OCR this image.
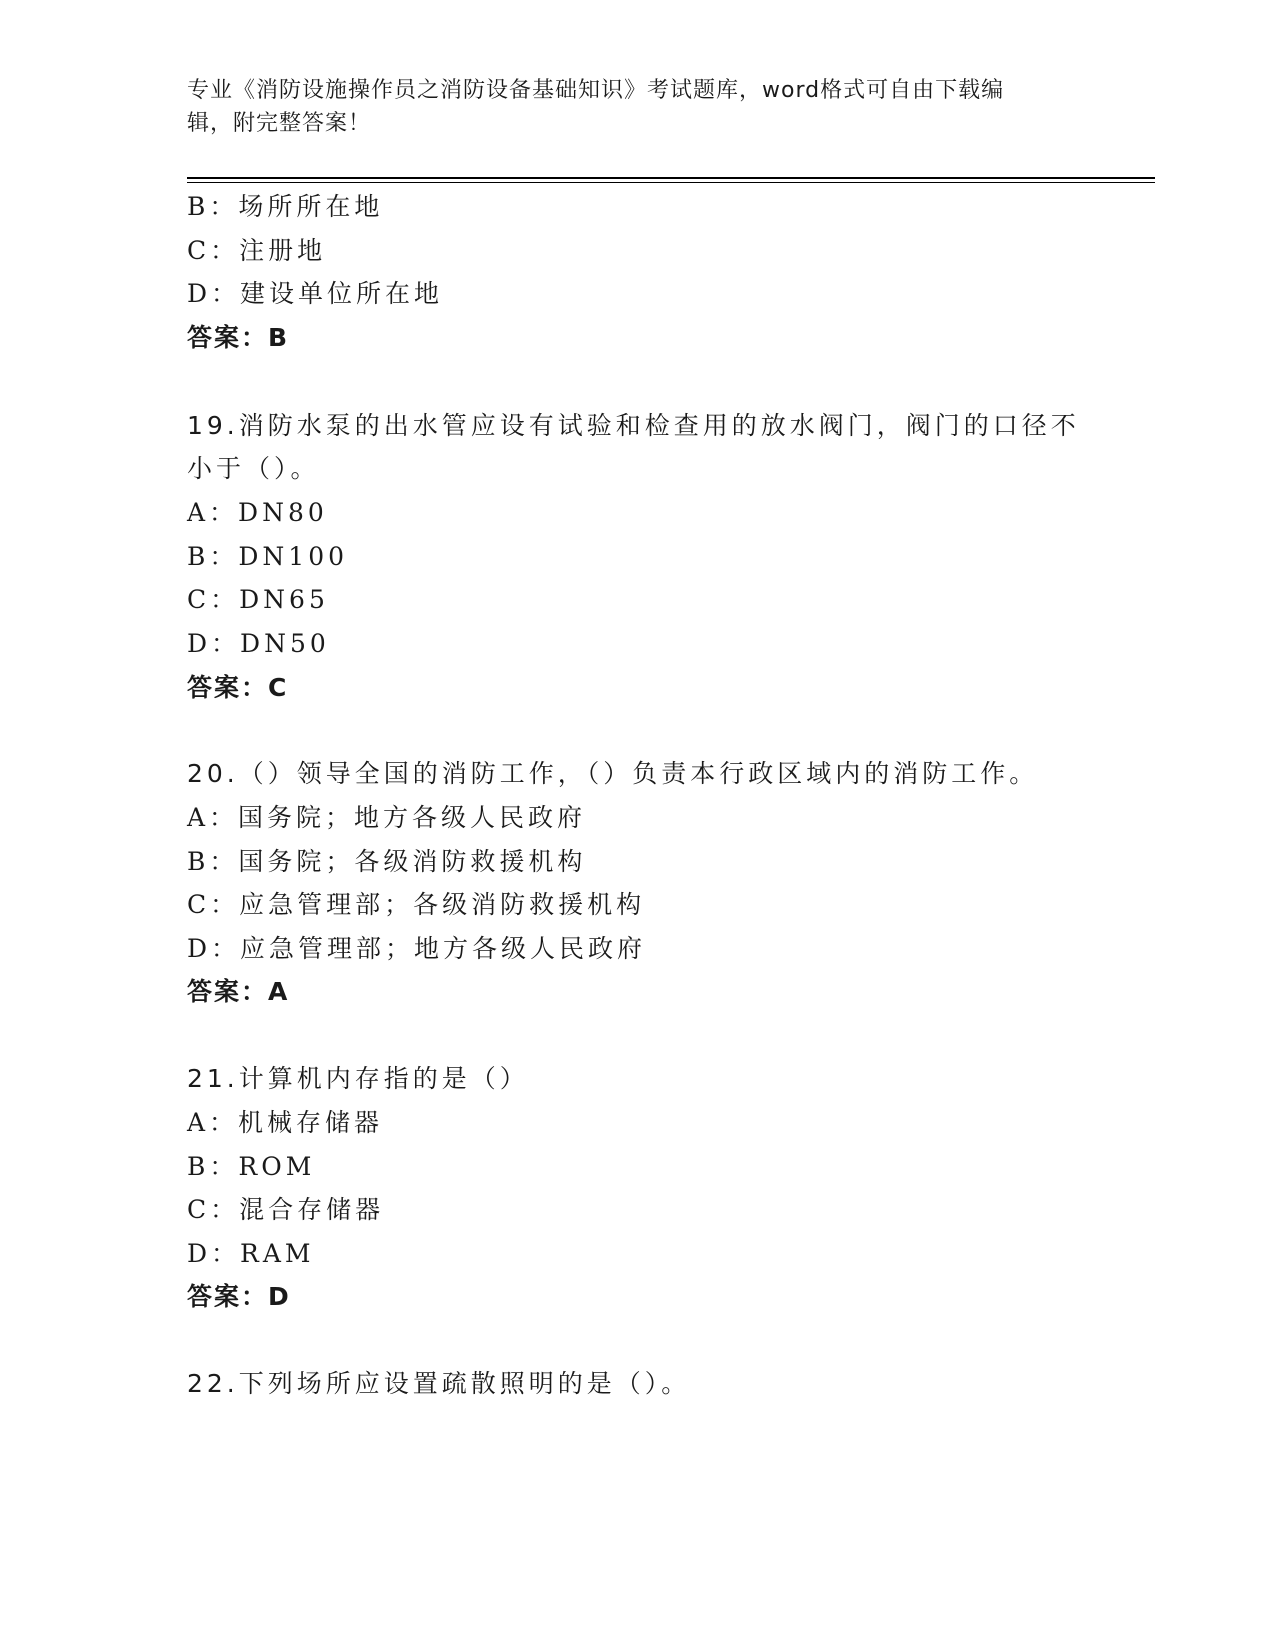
专业《消防设施操作员之消防设备基础知识》考试题库，word格式可自由下载编
辑，附完整答案！
B：场所所在地
C：注册地
D：建设单位所在地
答案：B
19.消防水泵的出水管应设有试验和检查用的放水阀门，阀门的口径不
小于（）。
A：DN80
B：DN100
C：DN65
D：DN50
答案：C
20.（）领导全国的消防工作，（）负责本行政区域内的消防工作。
A：国务院；地方各级人民政府
B：国务院；各级消防救援机构
C：应急管理部；各级消防救援机构
D：应急管理部；地方各级人民政府
答案：A
21.计算机内存指的是（）
A：机械存储器
B：ROM
C：混合存储器
D：RAM
答案：D
22.下列场所应设置疏散照明的是（）。
